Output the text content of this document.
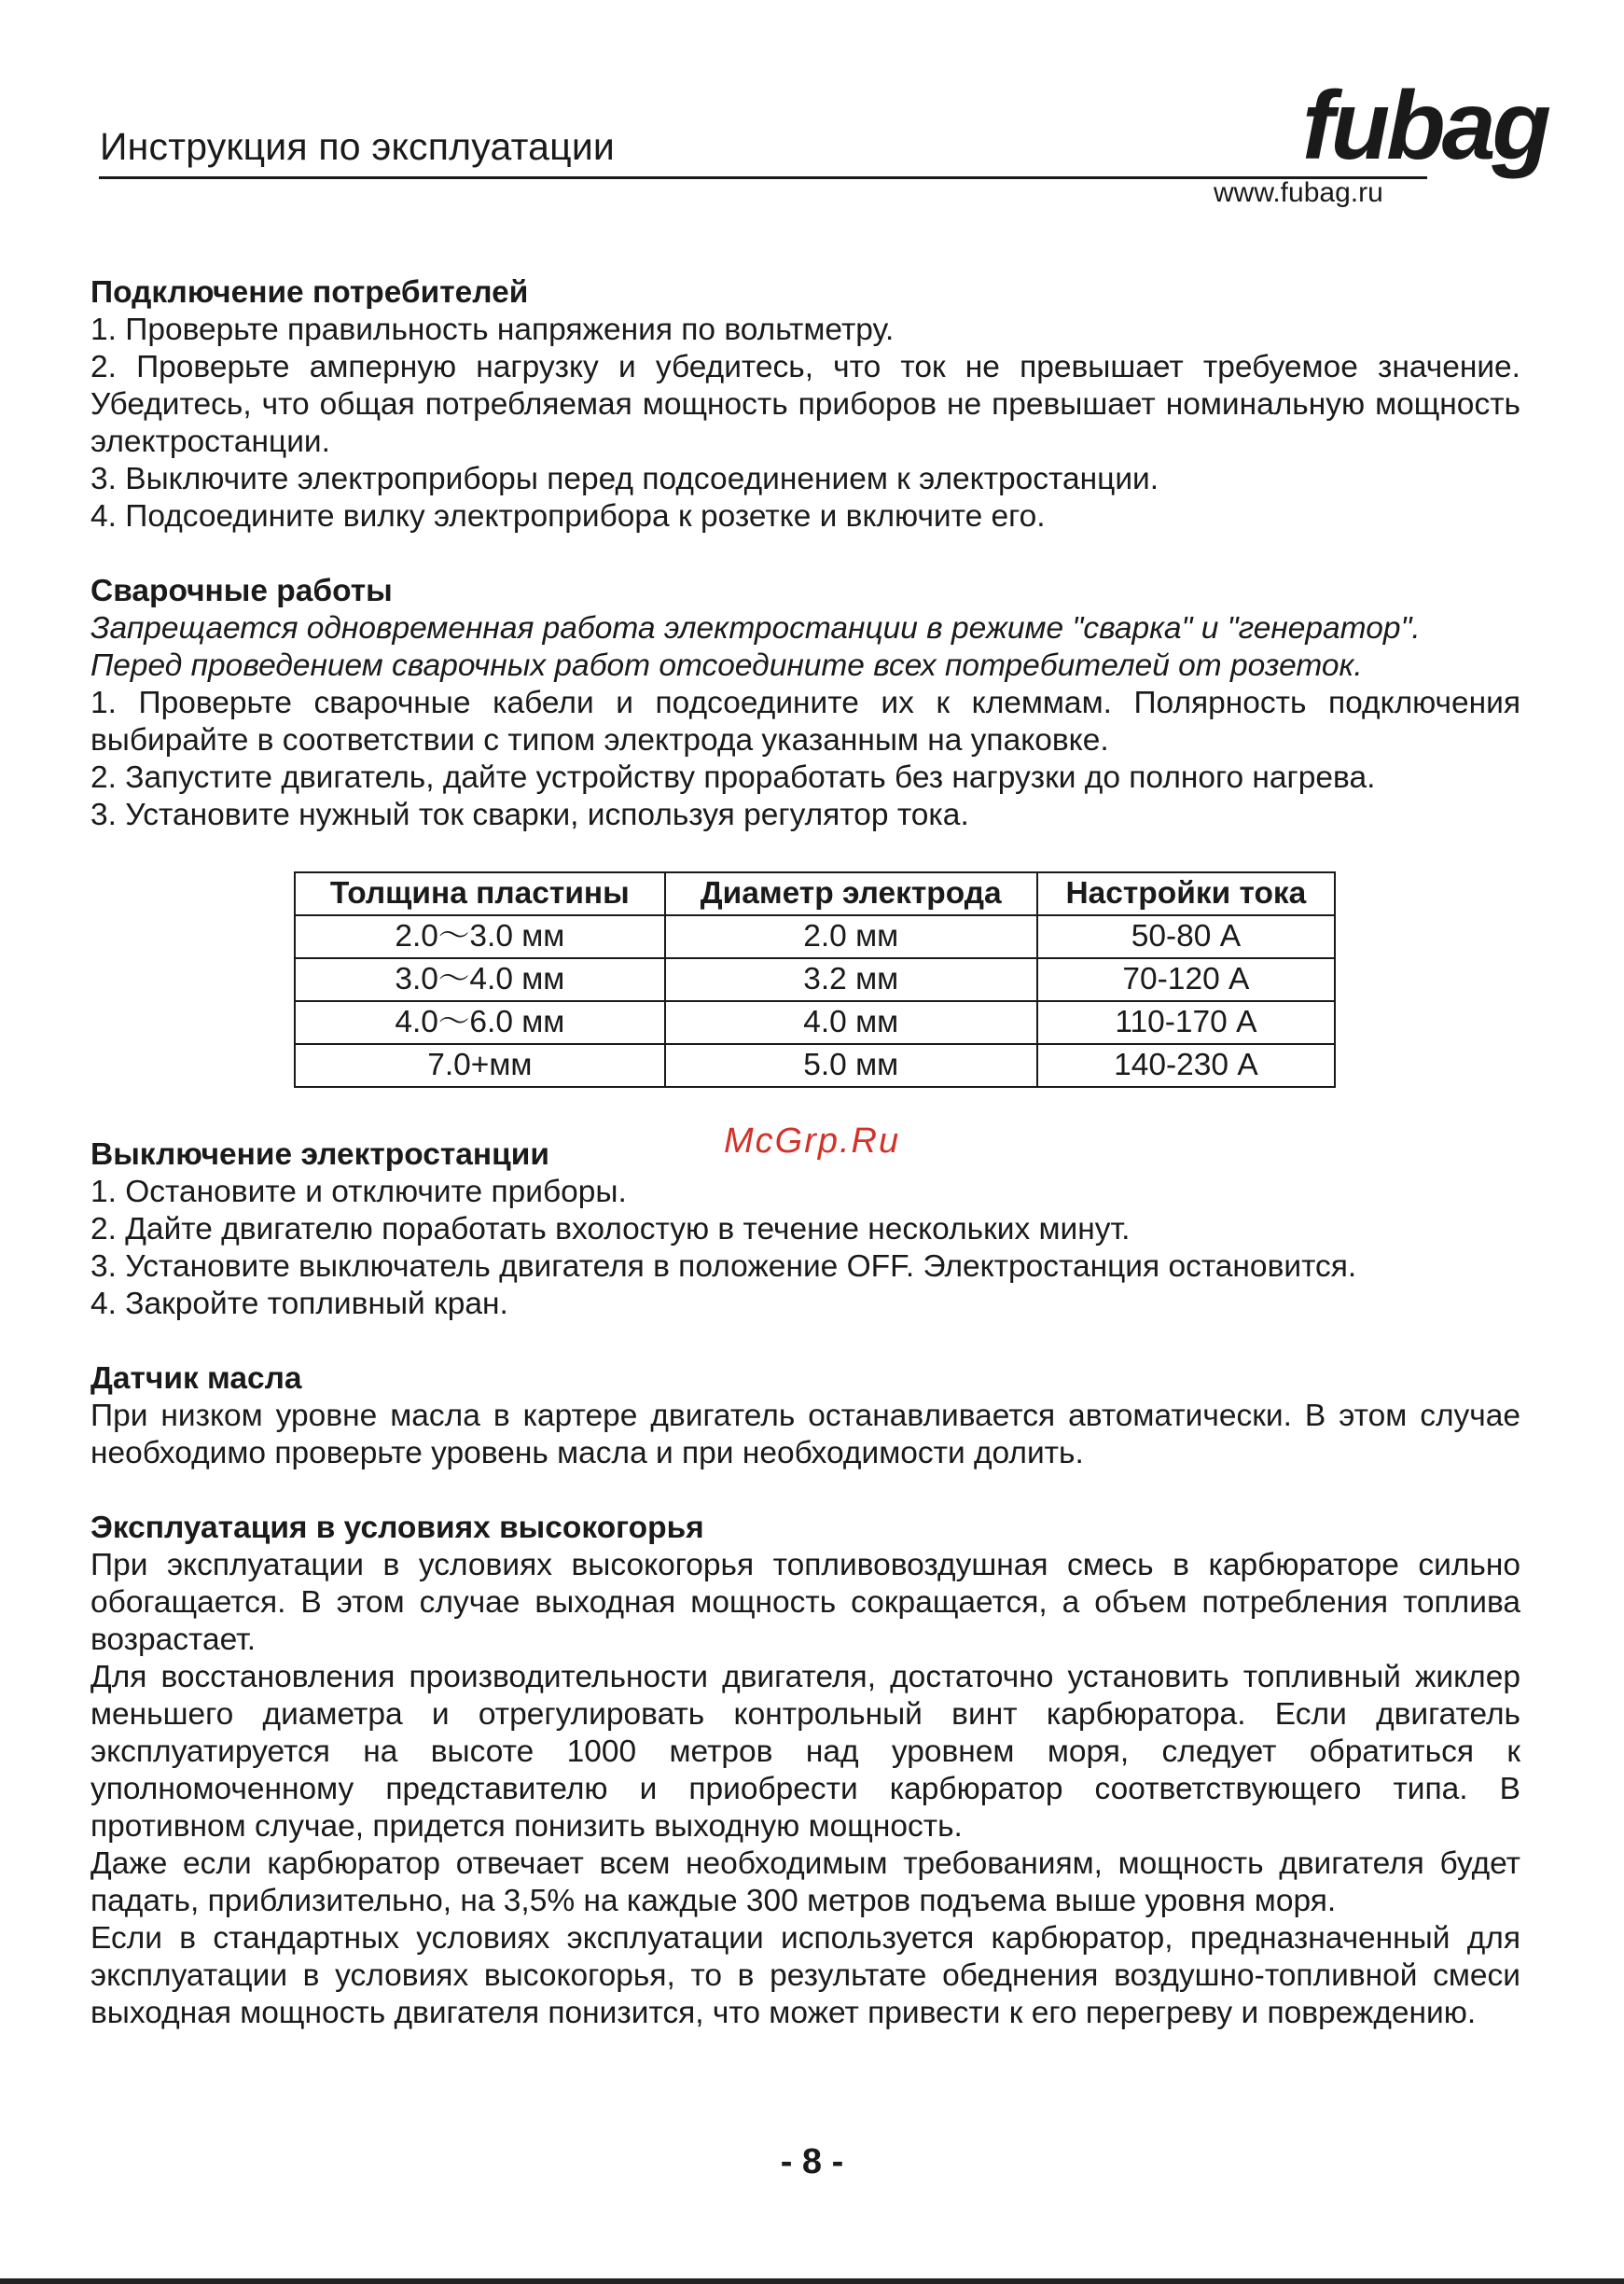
Инструкция по эксплуатации	fubag
www.fubag.ru
Подключение потребителей

1. Проверьте правильность напряжения по вольтметру.

2. Проверьте амперную нагрузку и убедитесь, что ток не превышает требуемое значение. Убедитесь, что общая потребляемая мощность приборов не превышает номинальную мощность электростанции.

3. Выключите электроприборы перед подсоединением к электростанции.

4. Подсоедините вилку электроприбора к розетке и включите его.

Сварочные работы

Запрещается одновременная работа электростанции в режиме "сварка" и "генератор".

Перед проведением сварочных работ отсоедините всех потребителей от розеток.

1. Проверьте сварочные кабели и подсоедините их к клеммам. Полярность подключения выбирайте в соответствии с типом электрода указанным на упаковке.

2. Запустите двигатель, дайте устройству проработать без нагрузки до полного нагрева.

3. Установите нужный ток сварки, используя регулятор тока.

Толщина пластины	Диаметр электрода	Настройки тока
2.0～3.0 мм	2.0 мм	50-80 А
3.0～4.0 мм	3.2 мм	70-120 А
4.0～6.0 мм	4.0 мм	110-170 А
7.0+мм	5.0 мм	140-230 А
Выключение электростанции

1. Остановите и отключите приборы.

2. Дайте двигателю поработать вхолостую в течение нескольких минут.

3. Установите выключатель двигателя в положение OFF. Электростанция остановится.

4. Закройте топливный кран.

Датчик масла

При низком уровне масла в картере двигатель останавливается автоматически. В этом случае необходимо проверьте уровень масла и при необходимости долить.

Эксплуатация в условиях высокогорья

При эксплуатации в условиях высокогорья топливовоздушная смесь в карбюраторе сильно обогащается. В этом случае выходная мощность сокращается, а объем потребления топлива возрастает.

Для восстановления производительности двигателя, достаточно установить топливный жиклер меньшего диаметра и отрегулировать контрольный винт карбюратора. Если двигатель эксплуатируется на высоте 1000 метров над уровнем моря, следует обратиться к уполномоченному представителю и приобрести карбюратор соответствующего типа. В противном случае, придется понизить выходную мощность.

Даже если карбюратор отвечает всем необходимым требованиям, мощность двигателя будет падать, приблизительно, на 3,5% на каждые 300 метров подъема выше уровня моря.

Если в стандартных условиях эксплуатации используется карбюратор, предназначенный для эксплуатации в условиях высокогорья, то в результате обеднения воздушно-топливной смеси выходная мощность двигателя понизится, что может привести к его перегреву и повреждению.

McGrp.Ru
- 8 -
